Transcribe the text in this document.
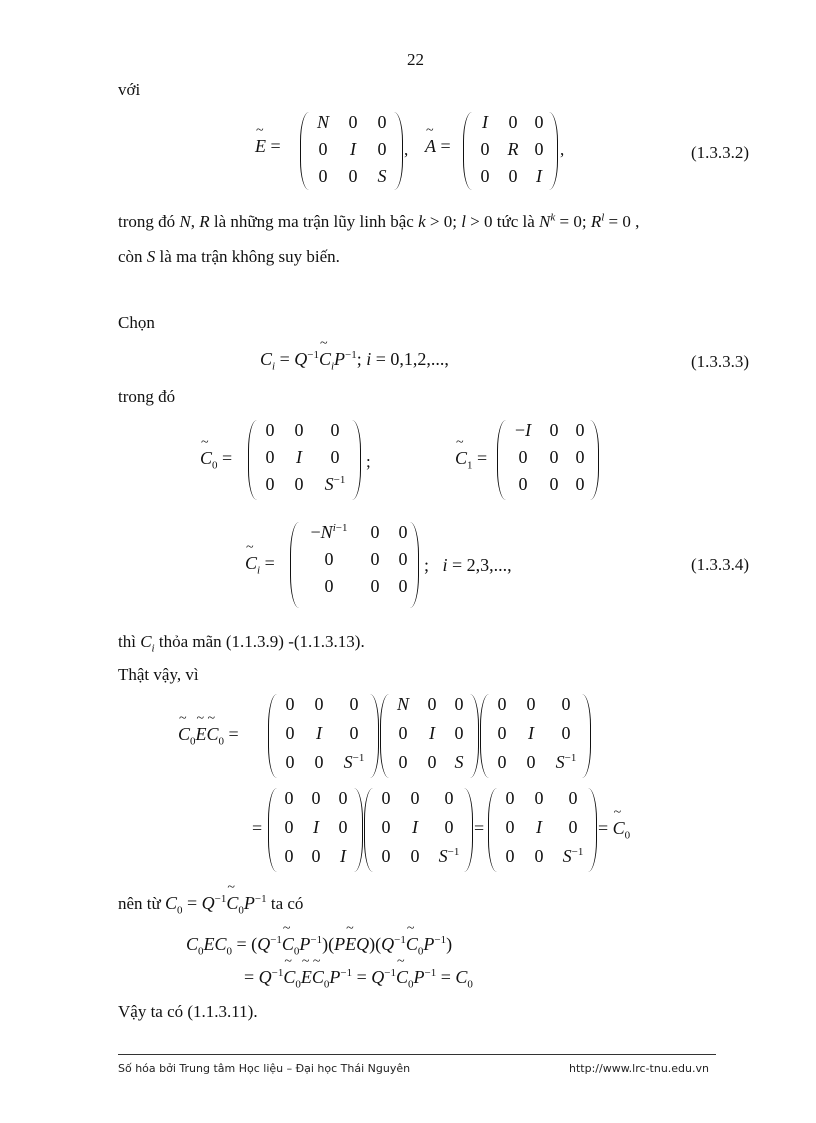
22
với
~ E =
N	0	0
0	I	0
0	0	S
, ~ A =
I	0 0
0	R 0
0	0	I
,	(1.3.3.2)
trong đó N, R là những ma trận lũy linh bậc k > 0; l > 0 tức là $N^k = 0$; $R^l = 0$ ,
còn S là ma trận không suy biến.
Chọn
$C_i$ = $Q^{-1}\sim$ $C_iP^{-1}$; i = 0,1,2,...,	(1.3.3.3)
trong đó
~ $C_0$ =
0	0	0
0	I	0
0	0	$S^{-1}$
;	~ $C_1$ =
−I	0 0
0	0 0
0	0 0
~ $C_i$ =
$-N^{i-1}$	0	0
0	0	0
0	0	0
;   i = 2,3,...,	(1.3.3.4)
thì $C_i$ thỏa mãn (1.1.3.9) -(1.1.3.13).
Thật vậy, vì
~ $C_0\sim$ E~ $C_0$ =
0	0	0
0	I	0
0	0	$S^{-1}$
N	0	0
0	I	0
0	0	S
0	0	0
0	I	0
0	0	$S^{-1}$
=
0	0	0
0	I	0
0	0	I
0	0	0
0	I	0
0	0	$S^{-1}$
=
0	0	0
0	I	0
0	0	$S^{-1}$
= ~ $C_0$
nên từ $C_0$ = $Q^{-1}\sim$ $C_0P^{-1}$ ta có
$C_0EC_0$ = ($Q^{-1}\sim$ $C_0P^{-1})(P\sim$ $EQ)(Q^{-1}\sim$ $C_0P^{-1}$)
= $Q^{-1}\sim$ $C_0\sim$ E~ $C_0P^{-1}$ = $Q^{-1}\sim$ $C_0P^{-1} = C_0$
Vậy ta có (1.1.3.11).
Số hóa bởi Trung tâm Học liệu – Đại học Thái Nguyên	http://www.lrc-tnu.edu.vn
